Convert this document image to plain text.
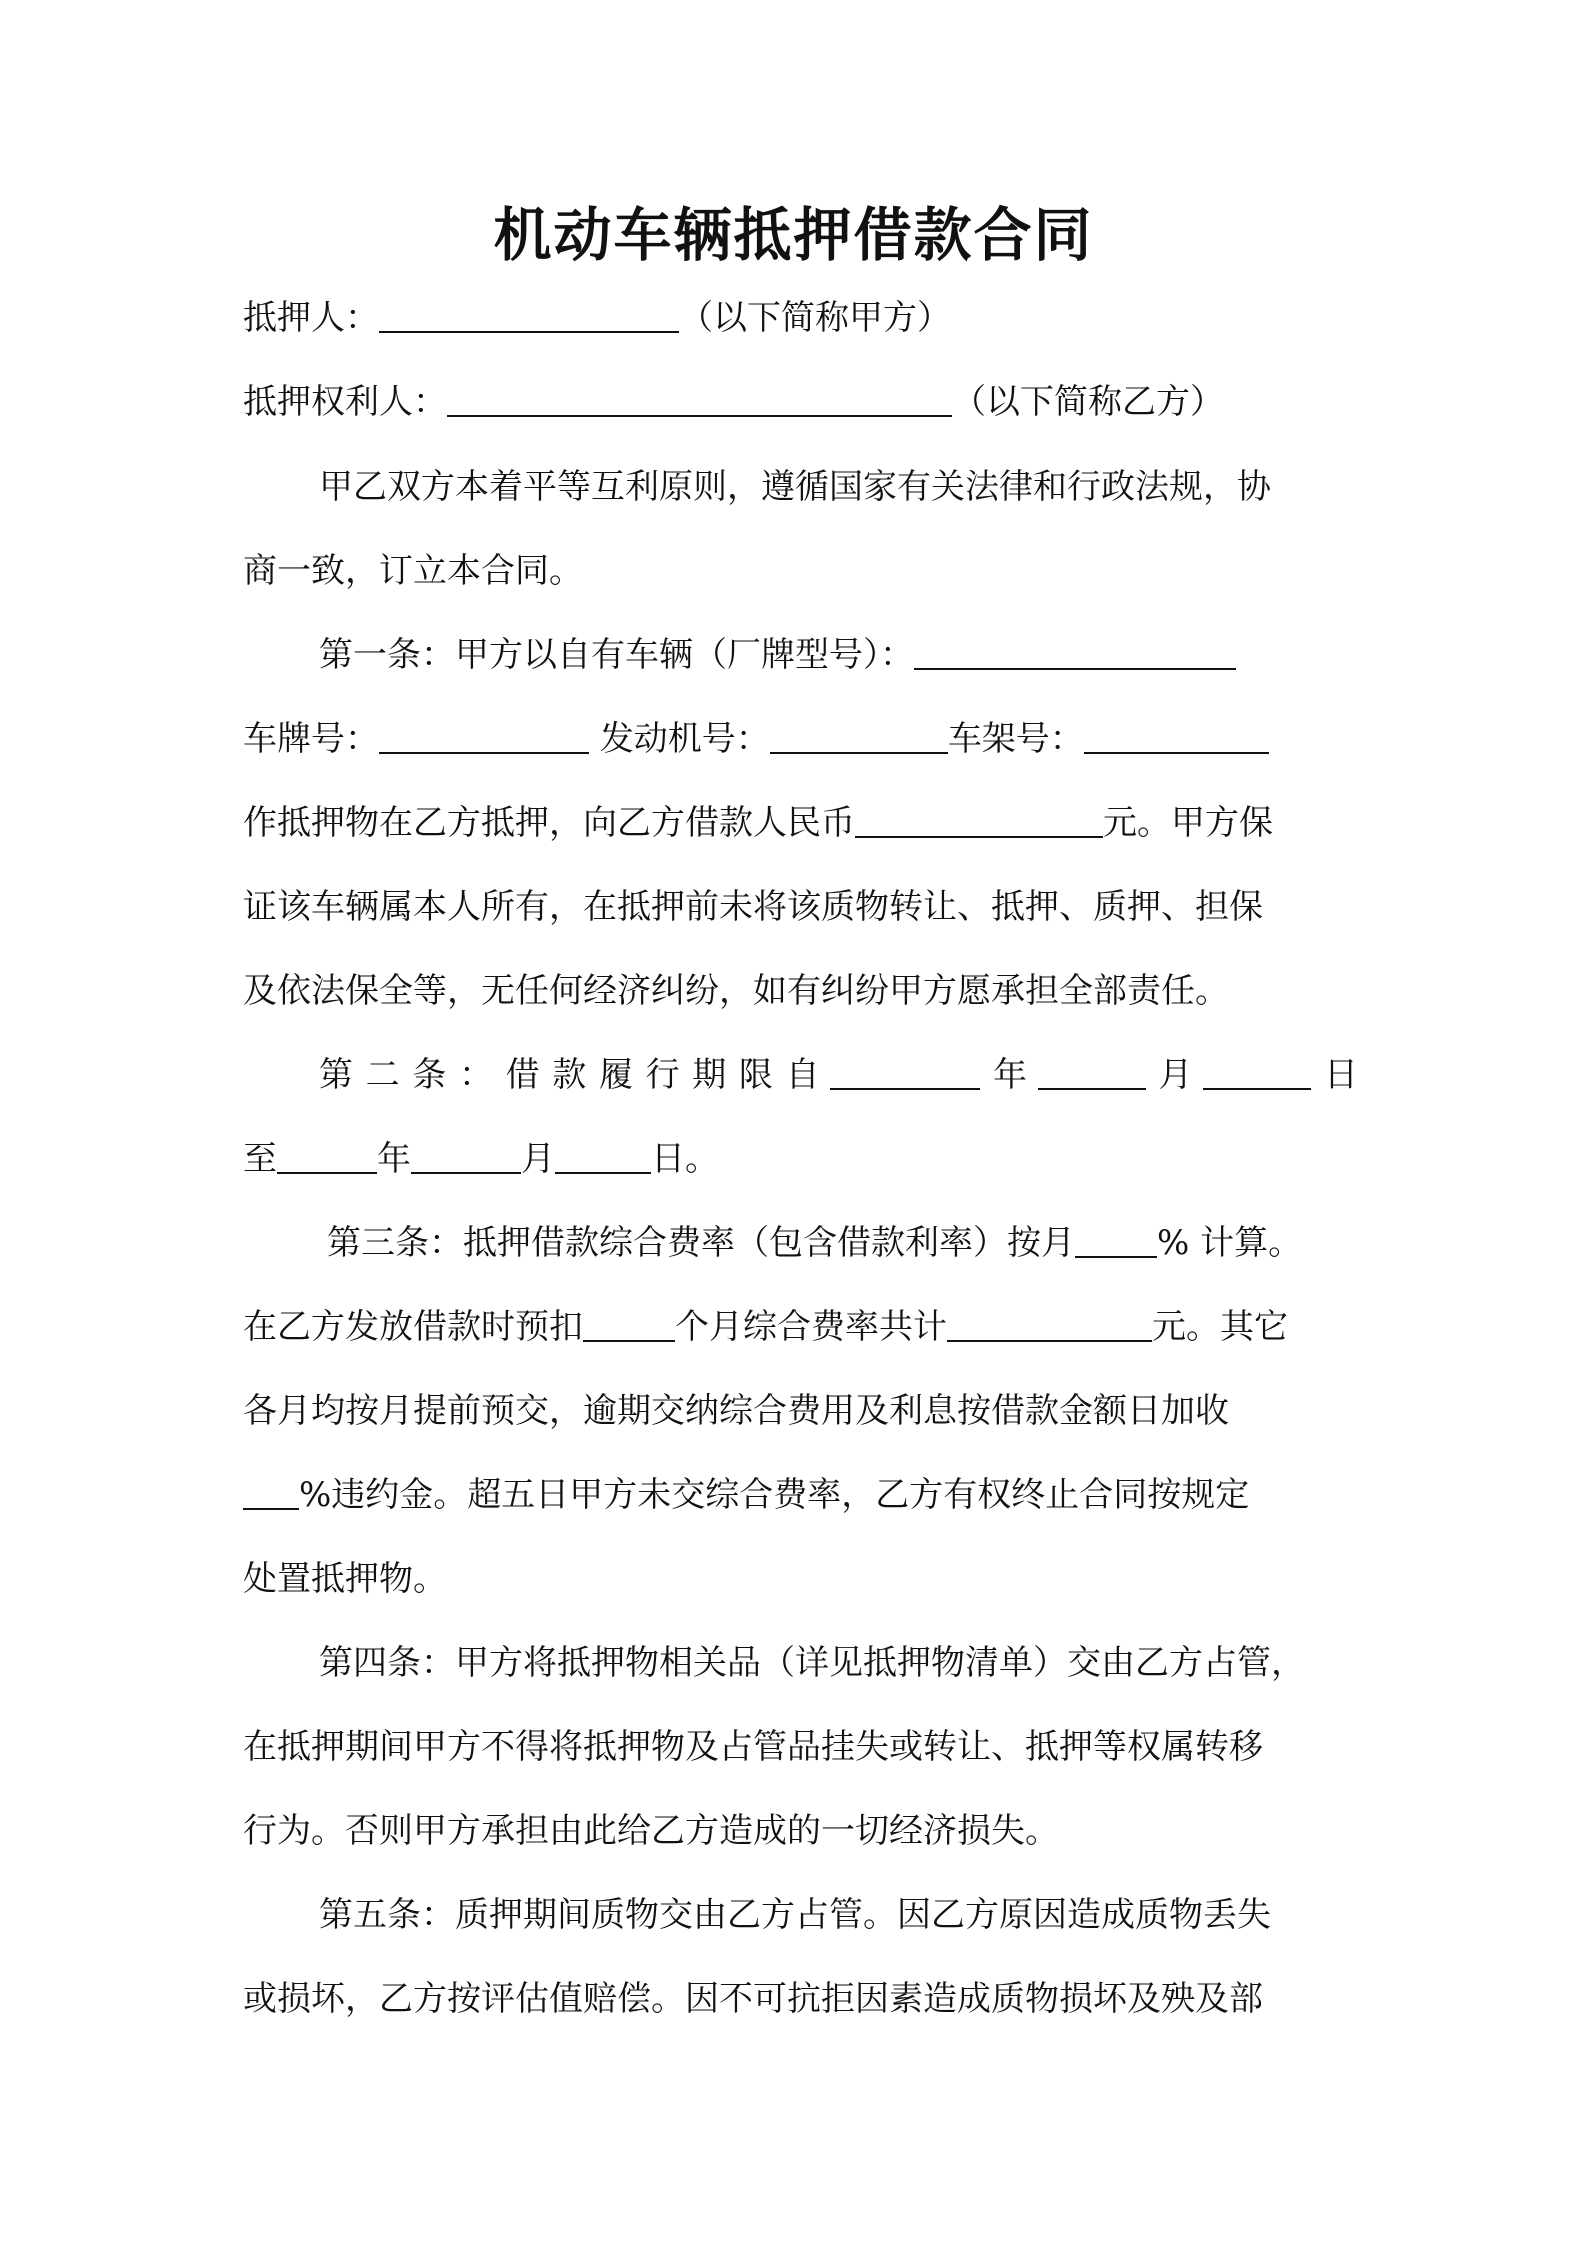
机动车辆抵押借款合同
抵押人：	（以下简称甲方）
抵押权利人：	（以下简称乙方）
甲乙双方本着平等互利原则，遵循国家有关法律和行政法规，协
商一致，订立本合同。
第一条：甲方以自有车辆（厂牌型号）：
车牌号：	发动机号：	车架号：
作抵押物在乙方抵押，向乙方借款人民币	元。甲方保
证该车辆属本人所有，在抵押前未将该质物转让、抵押、质押、担保
及依法保全等，无任何经济纠纷，如有纠纷甲方愿承担全部责任。
第 二 条 ： 借 款 履 行 期 限 自	年	月	日
至	年	月	日。
第三条：抵押借款综合费率（包含借款利率）按月 % 计算。
在乙方发放借款时预扣	个月综合费率共计	元。其它
各月均按月提前预交，逾期交纳综合费用及利息按借款金额日加收
%违约金。超五日甲方未交综合费率，乙方有权终止合同按规定
处置抵押物。
第四条：甲方将抵押物相关品（详见抵押物清单）交由乙方占管，
在抵押期间甲方不得将抵押物及占管品挂失或转让、抵押等权属转移
行为。否则甲方承担由此给乙方造成的一切经济损失。
第五条：质押期间质物交由乙方占管。因乙方原因造成质物丢失
或损坏，乙方按评估值赔偿。因不可抗拒因素造成质物损坏及殃及部
